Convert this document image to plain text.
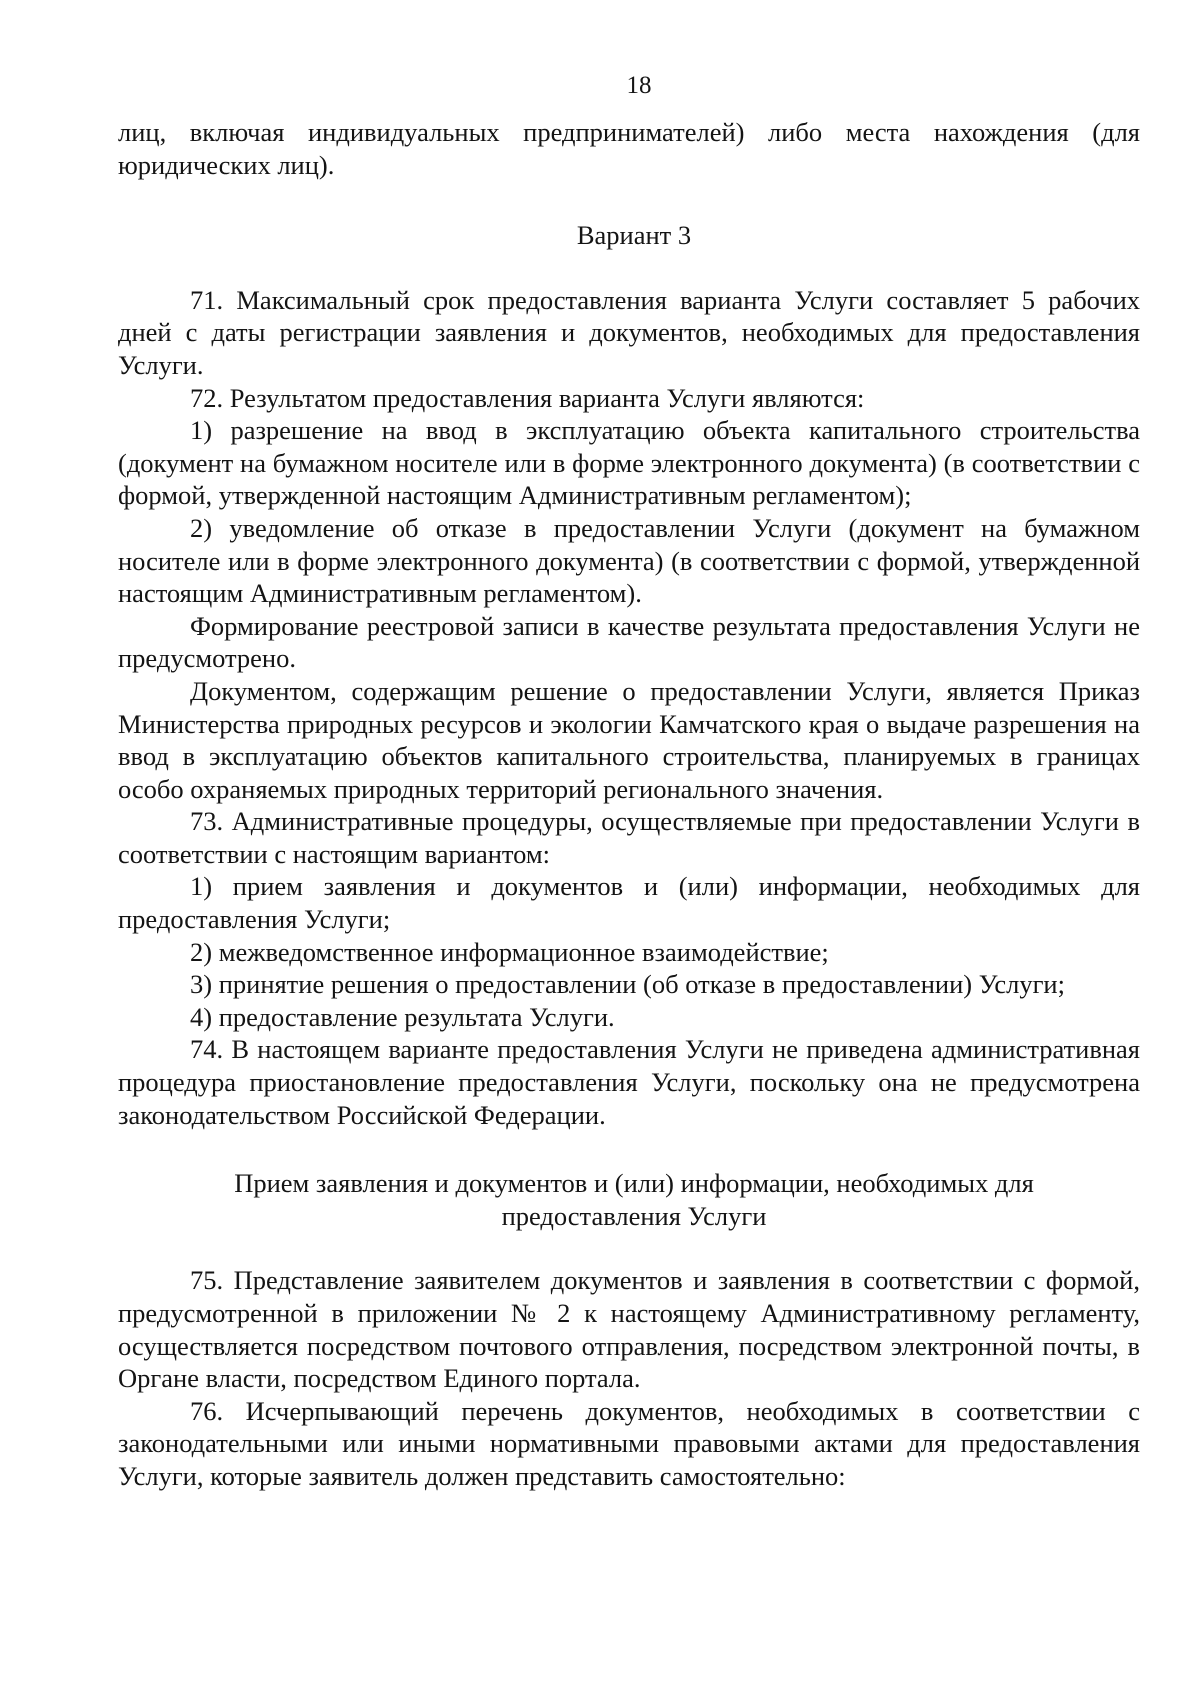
18

лиц, включая индивидуальных предпринимателей) либо места нахождения (для юридических лиц).

Вариант 3

71. Максимальный срок предоставления варианта Услуги составляет 5 рабочих дней с даты регистрации заявления и документов, необходимых для предоставления Услуги.

72. Результатом предоставления варианта Услуги являются:

1) разрешение на ввод в эксплуатацию объекта капитального строительства (документ на бумажном носителе или в форме электронного документа) (в соответствии с формой, утвержденной настоящим Административным регламентом);

2) уведомление об отказе в предоставлении Услуги (документ на бумажном носителе или в форме электронного документа) (в соответствии с формой, утвержденной настоящим Административным регламентом).

Формирование реестровой записи в качестве результата предоставления Услуги не предусмотрено.

Документом, содержащим решение о предоставлении Услуги, является Приказ Министерства природных ресурсов и экологии Камчатского края о выдаче разрешения на ввод в эксплуатацию объектов капитального строительства, планируемых в границах особо охраняемых природных территорий регионального значения.

73. Административные процедуры, осуществляемые при предоставлении Услуги в соответствии с настоящим вариантом:

1) прием заявления и документов и (или) информации, необходимых для предоставления Услуги;

2) межведомственное информационное взаимодействие;

3) принятие решения о предоставлении (об отказе в предоставлении) Услуги;

4) предоставление результата Услуги.

74. В настоящем варианте предоставления Услуги не приведена административная процедура приостановление предоставления Услуги, поскольку она не предусмотрена законодательством Российской Федерации.

Прием заявления и документов и (или) информации, необходимых для
предоставления Услуги

75. Представление заявителем документов и заявления в соответствии с формой, предусмотренной в приложении № 2 к настоящему Административному регламенту, осуществляется посредством почтового отправления, посредством электронной почты, в Органе власти, посредством Единого портала.

76. Исчерпывающий перечень документов, необходимых в соответствии с законодательными или иными нормативными правовыми актами для предоставления Услуги, которые заявитель должен представить самостоятельно:
